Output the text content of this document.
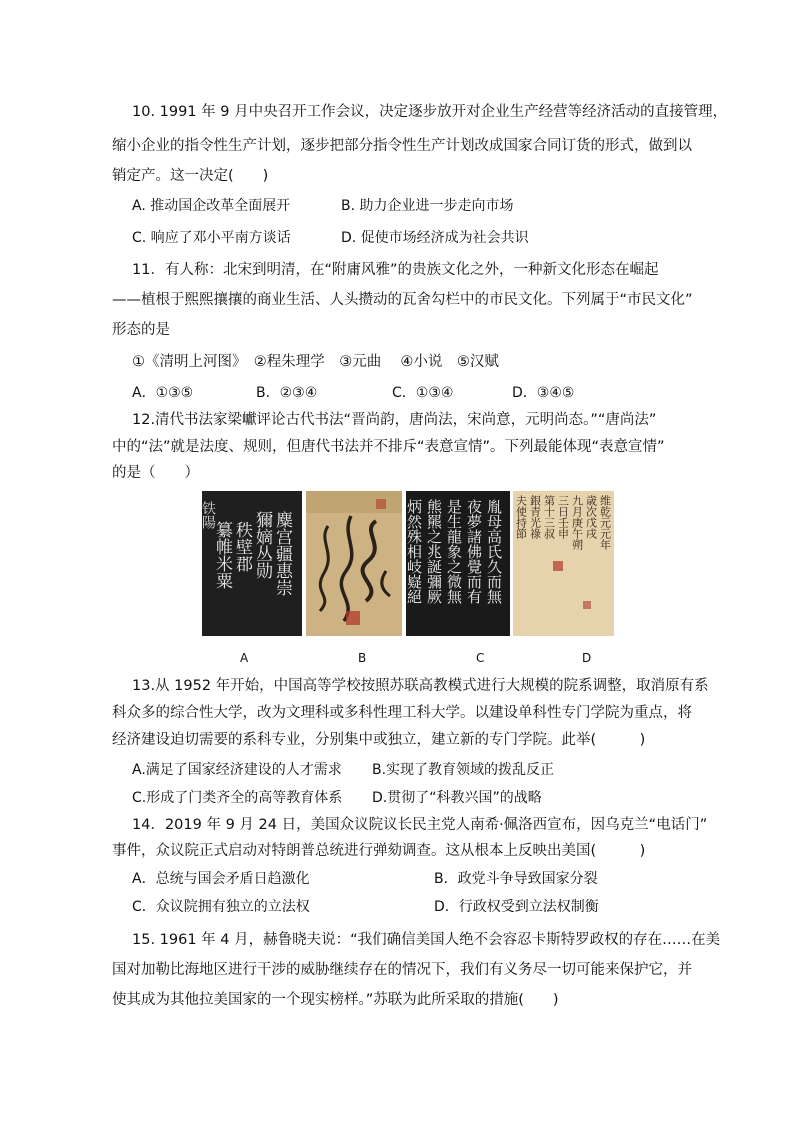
10. 1991 年 9 月中央召开工作会议，决定逐步放开对企业生产经营等经济活动的直接管理，
缩小企业的指令性生产计划，逐步把部分指令性生产计划改成国家合同订货的形式，做到以
销定产。这一决定(　　)
A. 推动国企改革全面展开	B. 助力企业进一步走向市场
C. 响应了邓小平南方谈话	D. 促使市场经济成为社会共识
11．有人称：北宋到明清，在“附庸风雅”的贵族文化之外，一种新文化形态在崛起
——植根于熙熙攘攘的商业生活、人头攒动的瓦舍勾栏中的市民文化。下列属于“市民文化”
形态的是
①《清明上河图》　②程朱理学　③元曲　 ④小说　⑤汉赋
A．①③⑤	B．②③④	C．①③④	D．③④⑤
12.清代书法家梁巘评论古代书法“晋尚韵，唐尚法，宋尚意，元明尚态。”“唐尚法”
中的“法”就是法度、规则，但唐代书法并不排斥“表意宣情”。下列最能体现“表意宣情”
的是（　　）
麋宫疆惠崇
獮嫡丛勋
秩壁郡
纂帷米粟
铁陽	胤母高氏久而無
夜夢諸佛覺而有
是生龍象之微無
熊羆之兆誕彌厥
炳然殊相岐嶷絕	维乾元元年
歳次戊戌
九月庚午朔
三日壬申
第十三叔
銀青光祿
夫使持節
A	B	C	D
13.从 1952 年开始，中国高等学校按照苏联高教模式进行大规模的院系调整，取消原有系
科众多的综合性大学，改为文理科或多科性理工科大学。以建设单科性专门学院为重点，将
经济建设迫切需要的系科专业，分别集中或独立，建立新的专门学院。此举(　　　)
A.满足了国家经济建设的人才需求 B.实现了教育领域的拨乱反正
C.形成了门类齐全的高等教育体系 D.贯彻了“科教兴国”的战略
14．2019 年 9 月 24 日，美国众议院议长民主党人南希·佩洛西宣布，因乌克兰“电话门”
事件，众议院正式启动对特朗普总统进行弹劾调查。这从根本上反映出美国(　　　)
A．总统与国会矛盾日趋激化	B．政党斗争导致国家分裂
C．众议院拥有独立的立法权	D．行政权受到立法权制衡
15. 1961 年 4 月，赫鲁晓夫说：“我们确信美国人绝不会容忍卡斯特罗政权的存在……在美
国对加勒比海地区进行干涉的威胁继续存在的情况下，我们有义务尽一切可能来保护它，并
使其成为其他拉美国家的一个现实榜样。”苏联为此所采取的措施(　　)
